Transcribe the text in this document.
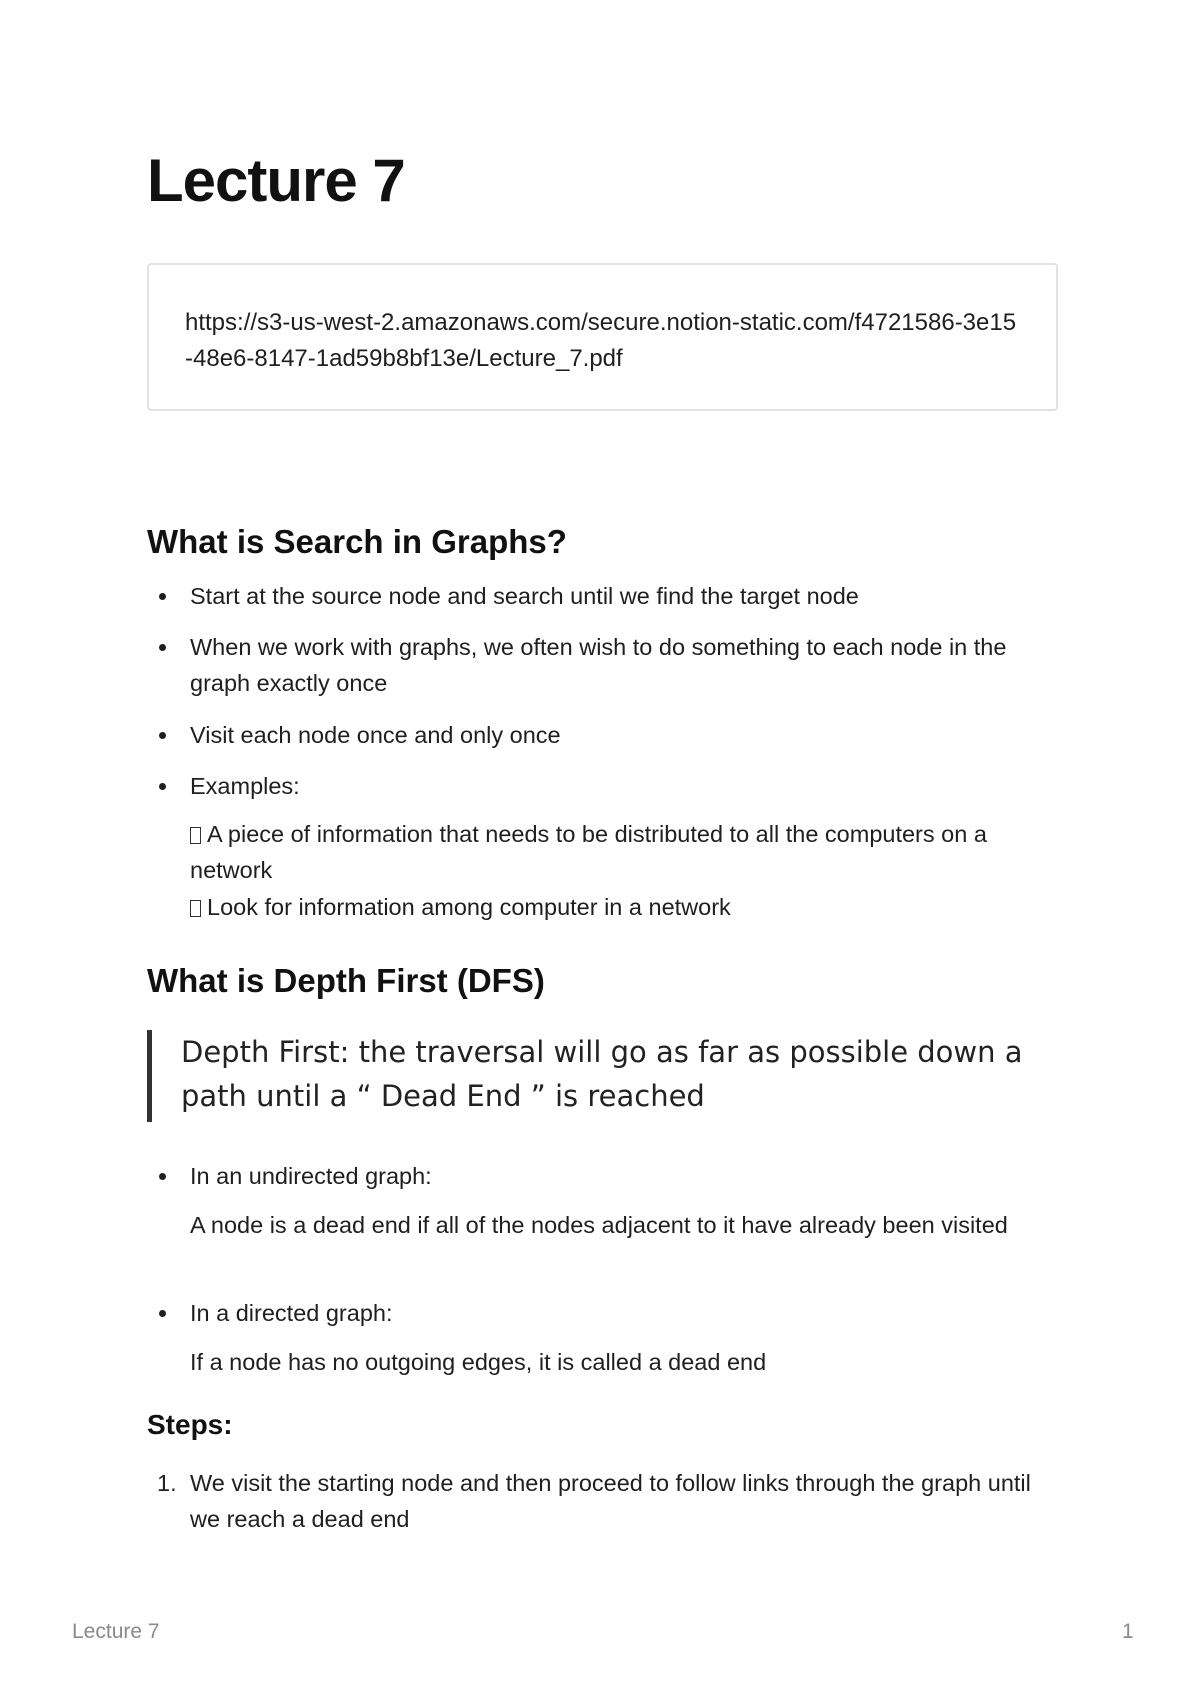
Lecture 7
https://s3-us-west-2.amazonaws.com/secure.notion-static.com/f4721586-3e15-48e6-8147-1ad59b8bf13e/Lecture_7.pdf
What is Search in Graphs?
Start at the source node and search until we find the target node
When we work with graphs, we often wish to do something to each node in the graph exactly once
Visit each node once and only once
Examples:
A piece of information that needs to be distributed to all the computers on a network
Look for information among computer in a network
What is Depth First (DFS)
Depth First: the traversal will go as far as possible down a path until a “ Dead End ” is reached
In an undirected graph:
A node is a dead end if all of the nodes adjacent to it have already been visited
In a directed graph:
If a node has no outgoing edges, it is called a dead end
Steps:
1. We visit the starting node and then proceed to follow links through the graph until we reach a dead end
Lecture 7	1
